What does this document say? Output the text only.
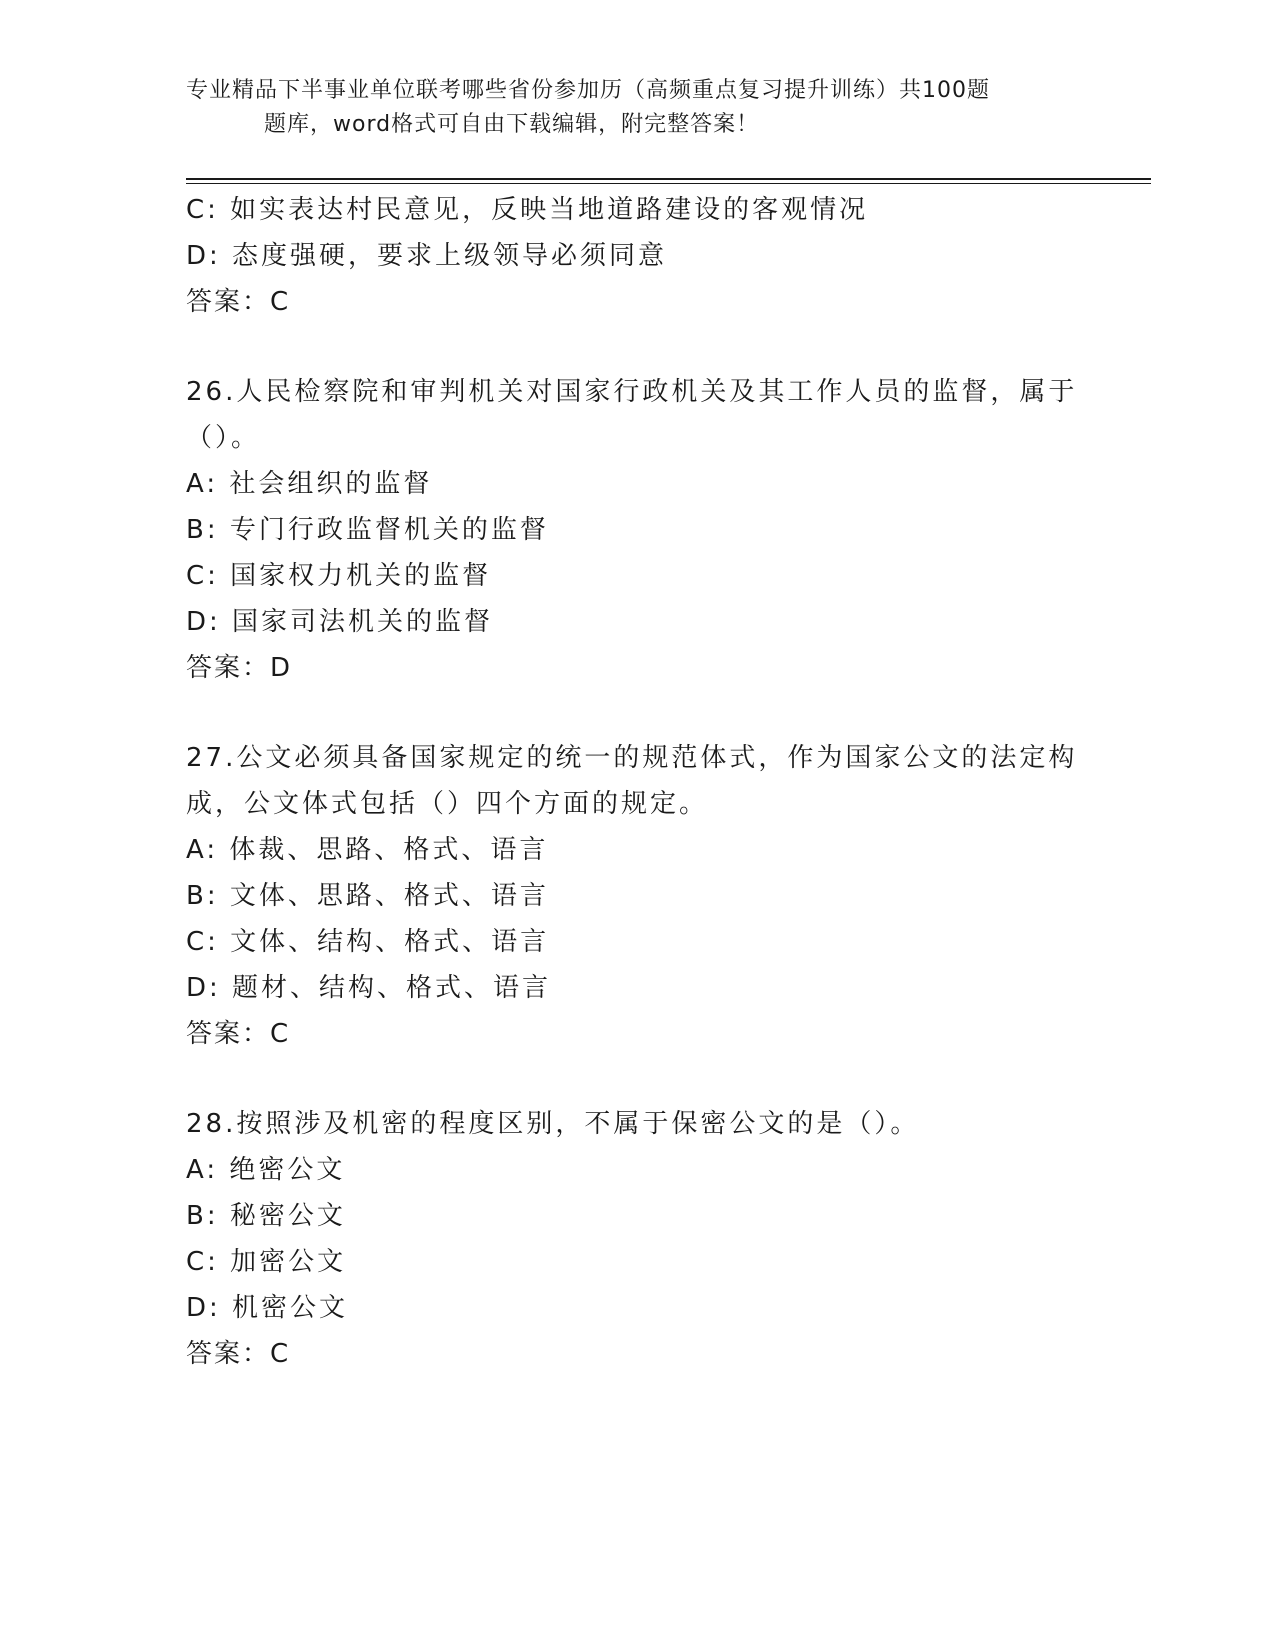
专业精品下半事业单位联考哪些省份参加历（高频重点复习提升训练）共100题
题库，word格式可自由下载编辑，附完整答案！
C: 如实表达村民意见，反映当地道路建设的客观情况
D: 态度强硬，要求上级领导必须同意
答案：C
26.人民检察院和审判机关对国家行政机关及其工作人员的监督，属于
（）。
A: 社会组织的监督
B: 专门行政监督机关的监督
C: 国家权力机关的监督
D: 国家司法机关的监督
答案：D
27.公文必须具备国家规定的统一的规范体式，作为国家公文的法定构
成，公文体式包括（）四个方面的规定。
A: 体裁、思路、格式、语言
B: 文体、思路、格式、语言
C: 文体、结构、格式、语言
D: 题材、结构、格式、语言
答案：C
28.按照涉及机密的程度区别，不属于保密公文的是（）。
A: 绝密公文
B: 秘密公文
C: 加密公文
D: 机密公文
答案：C
